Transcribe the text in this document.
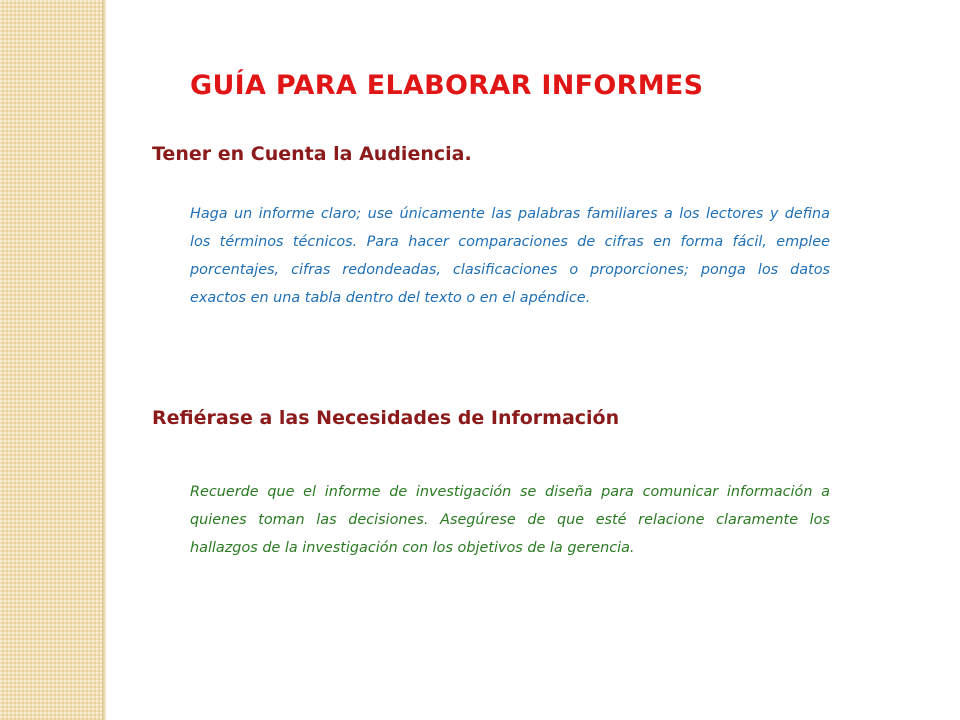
GUÍA PARA ELABORAR INFORMES
Tener en Cuenta la Audiencia.

Haga un informe claro; use únicamente las palabras familiares a los lectores y defina los términos técnicos. Para hacer comparaciones de cifras en forma fácil, emplee porcentajes, cifras redondeadas, clasificaciones o proporciones; ponga los datos exactos en una tabla dentro del texto o en el apéndice.

Refiérase a las Necesidades de Información

Recuerde que el informe de investigación se diseña para comunicar información a quienes toman las decisiones. Asegúrese de que esté relacione claramente los hallazgos de la investigación con los objetivos de la gerencia.
